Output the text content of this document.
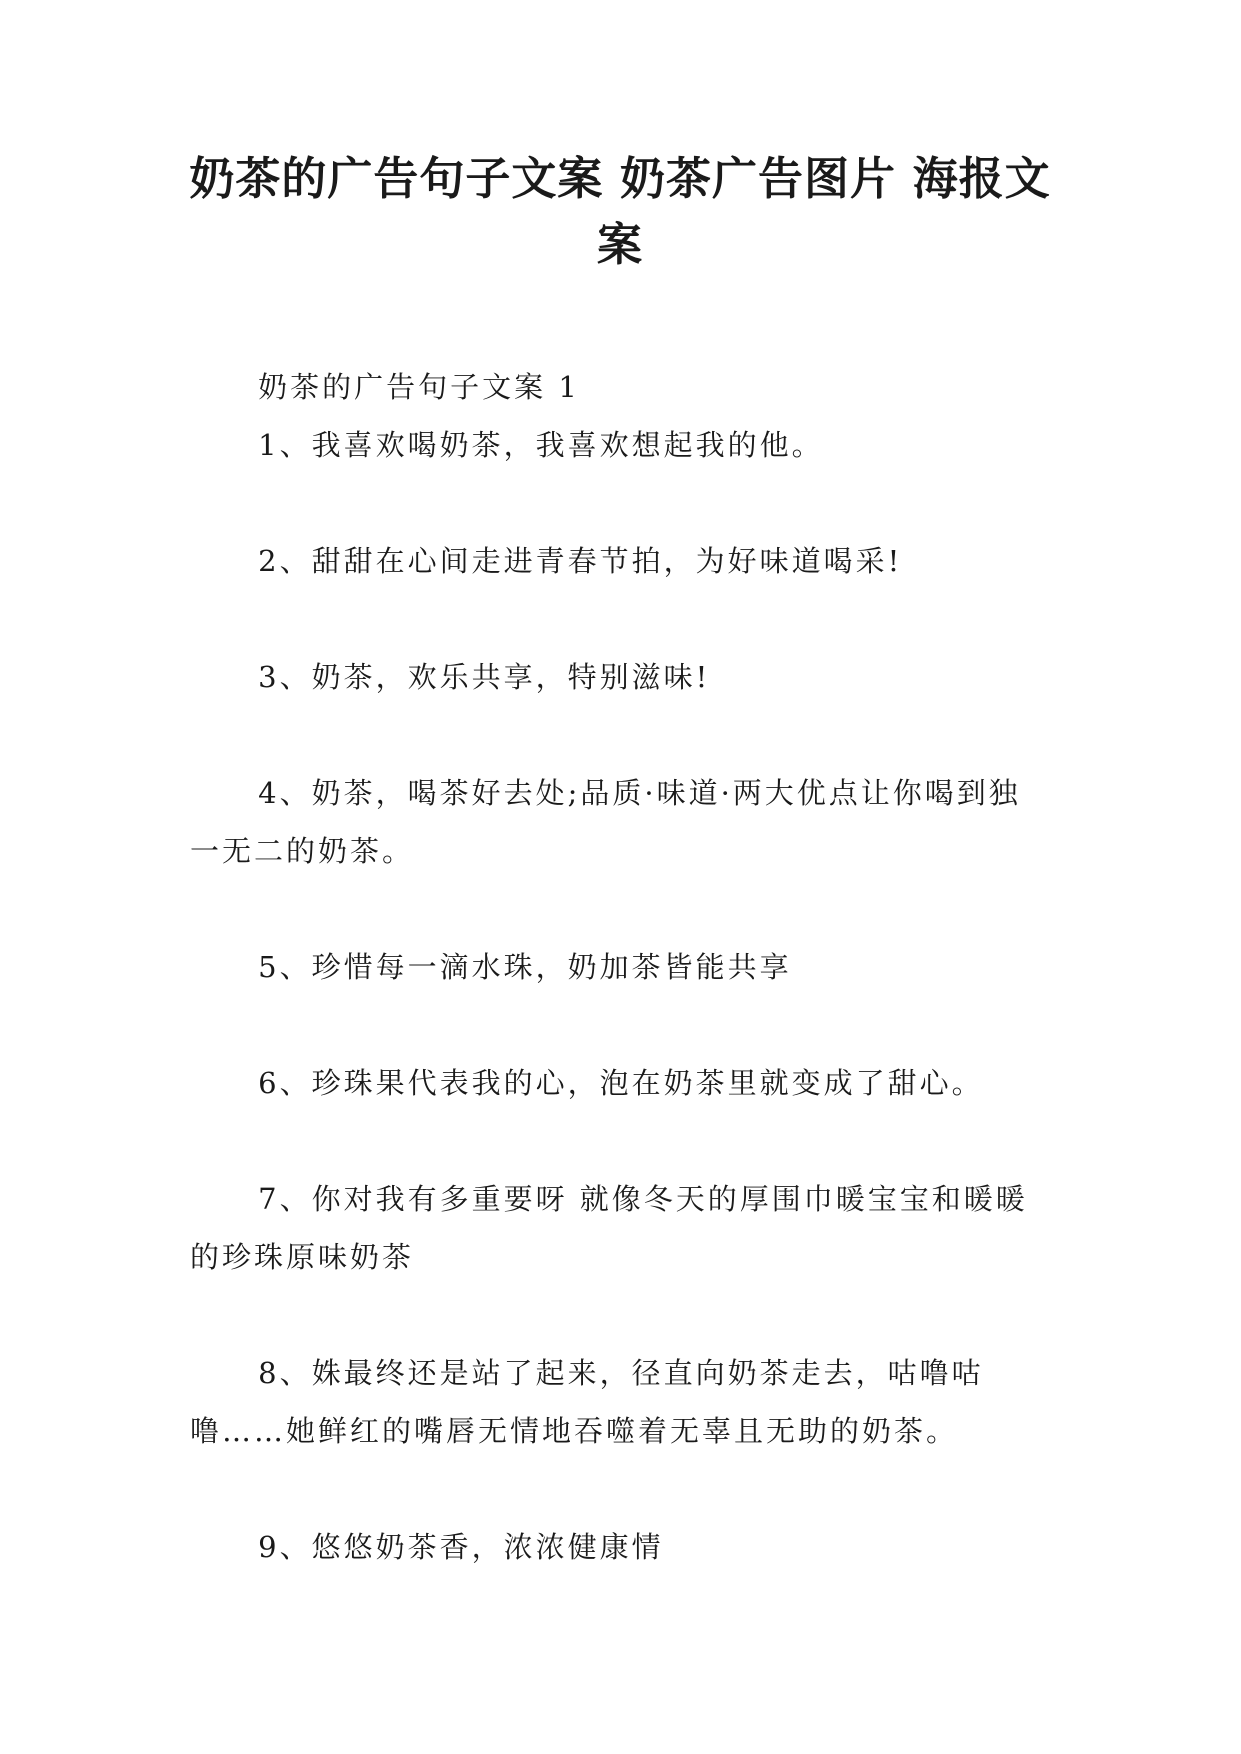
奶茶的广告句子文案 奶茶广告图片 海报文案

奶茶的广告句子文案 1

1、我喜欢喝奶茶，我喜欢想起我的他。

2、甜甜在心间走进青春节拍，为好味道喝采!

3、奶茶，欢乐共享，特别滋味!

4、奶茶，喝茶好去处;品质·味道·两大优点让你喝到独一无二的奶茶。

5、珍惜每一滴水珠，奶加茶皆能共享

6、珍珠果代表我的心，泡在奶茶里就变成了甜心。

7、你对我有多重要呀 就像冬天的厚围巾暖宝宝和暖暖的珍珠原味奶茶

8、姝最终还是站了起来，径直向奶茶走去，咕噜咕噜……她鲜红的嘴唇无情地吞噬着无辜且无助的奶茶。

9、悠悠奶茶香，浓浓健康情
